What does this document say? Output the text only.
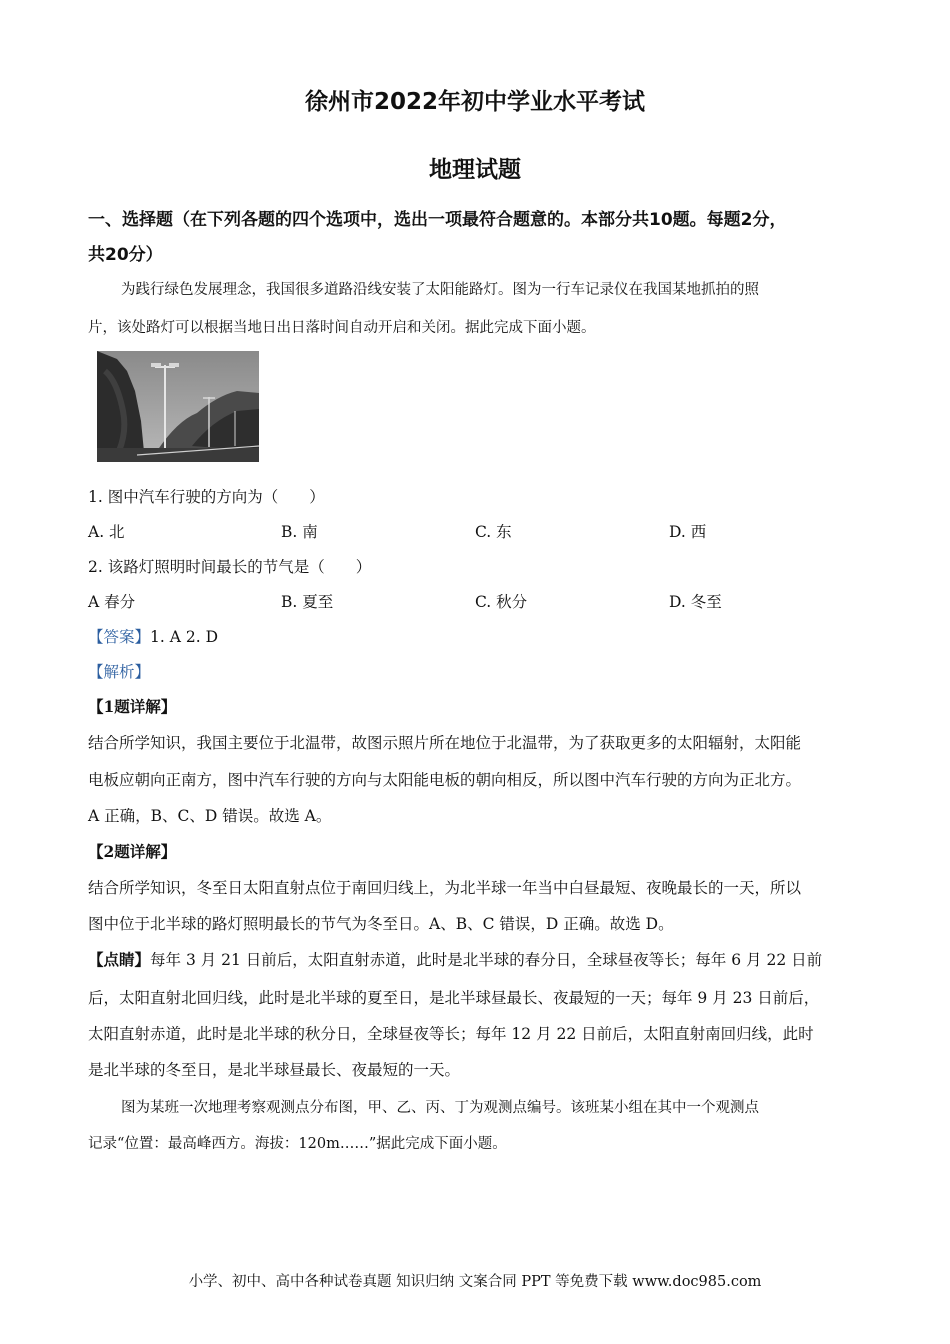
徐州市2022年初中学业水平考试
地理试题
一、选择题（在下列各题的四个选项中，选出一项最符合题意的。本部分共10题。每题2分，
共20分）
为践行绿色发展理念，我国很多道路沿线安装了太阳能路灯。图为一行车记录仪在我国某地抓拍的照
片，该处路灯可以根据当地日出日落时间自动开启和关闭。据此完成下面小题。
1. 图中汽车行驶的方向为（　　）
A. 北	B. 南	C. 东	D. 西
2. 该路灯照明时间最长的节气是（　　）
A 春分	B. 夏至	C. 秋分	D. 冬至
【答案】1. A 2. D
【解析】
【1题详解】
结合所学知识，我国主要位于北温带，故图示照片所在地位于北温带，为了获取更多的太阳辐射，太阳能
电板应朝向正南方，图中汽车行驶的方向与太阳能电板的朝向相反，所以图中汽车行驶的方向为正北方。
A 正确，B、C、D 错误。故选 A。
【2题详解】
结合所学知识，冬至日太阳直射点位于南回归线上，为北半球一年当中白昼最短、夜晚最长的一天，所以
图中位于北半球的路灯照明最长的节气为冬至日。A、B、C 错误，D 正确。故选 D。
【点睛】每年 3 月 21 日前后，太阳直射赤道，此时是北半球的春分日，全球昼夜等长；每年 6 月 22 日前
后，太阳直射北回归线，此时是北半球的夏至日，是北半球昼最长、夜最短的一天；每年 9 月 23 日前后，
太阳直射赤道，此时是北半球的秋分日，全球昼夜等长；每年 12 月 22 日前后，太阳直射南回归线，此时
是北半球的冬至日，是北半球昼最长、夜最短的一天。
图为某班一次地理考察观测点分布图，甲、乙、丙、丁为观测点编号。该班某小组在其中一个观测点
记录“位置：最高峰西方。海拔：120m……”据此完成下面小题。
小学、初中、高中各种试卷真题 知识归纳 文案合同 PPT 等免费下载 www.doc985.com
